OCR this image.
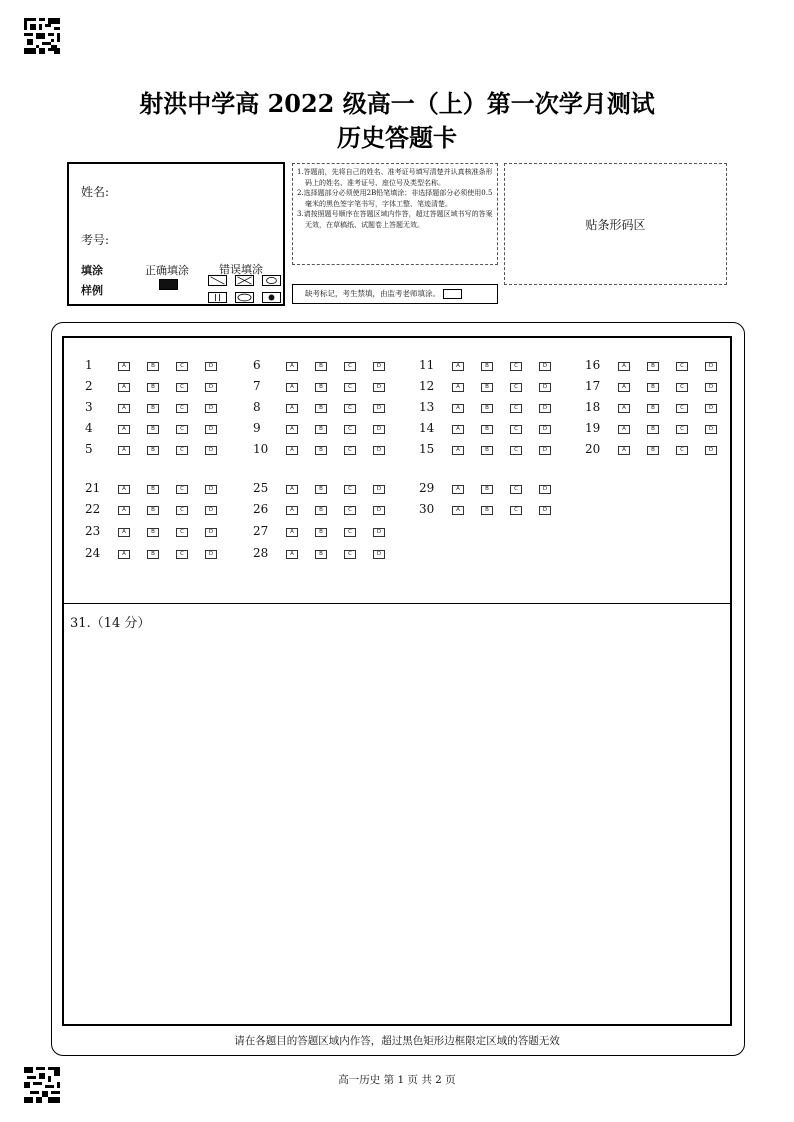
射洪中学高 2022 级高一（上）第一次学月测试
历史答题卡
姓名:
考号:
填涂
样例
正确填涂	错误填涂
1.答题前，先将自己的姓名、准考证号填写清楚并认真核准条形码上的姓名、准考证号、座位号及类型名称。
2.选择题部分必须使用2B铅笔填涂；非选择题部分必须使用0.5毫米的黑色签字笔书写，字体工整、笔迹清楚。
3.请按照题号顺序在答题区域内作答，超过答题区域书写的答案无效，在草稿纸、试题卷上答题无效。
缺考标记，考生禁填，由监考老师填涂。
贴条形码区
1	A	B	C	D
2	A	B	C	D
3	A	B	C	D
4	A	B	C	D
5	A	B	C	D
6	A	B	C	D
7	A	B	C	D
8	A	B	C	D
9	A	B	C	D
10	A	B	C	D
11	A	B	C	D
12	A	B	C	D
13	A	B	C	D
14	A	B	C	D
15	A	B	C	D
16	A	B	C	D
17	A	B	C	D
18	A	B	C	D
19	A	B	C	D
20	A	B	C	D
21	A	B	C	D
22	A	B	C	D
23	A	B	C	D
24	A	B	C	D
25	A	B	C	D
26	A	B	C	D
27	A	B	C	D
28	A	B	C	D
29	A	B	C	D
30	A	B	C	D
31.（14 分）
请在各题目的答题区域内作答，超过黑色矩形边框限定区域的答题无效
高一历史 第 1 页 共 2 页
